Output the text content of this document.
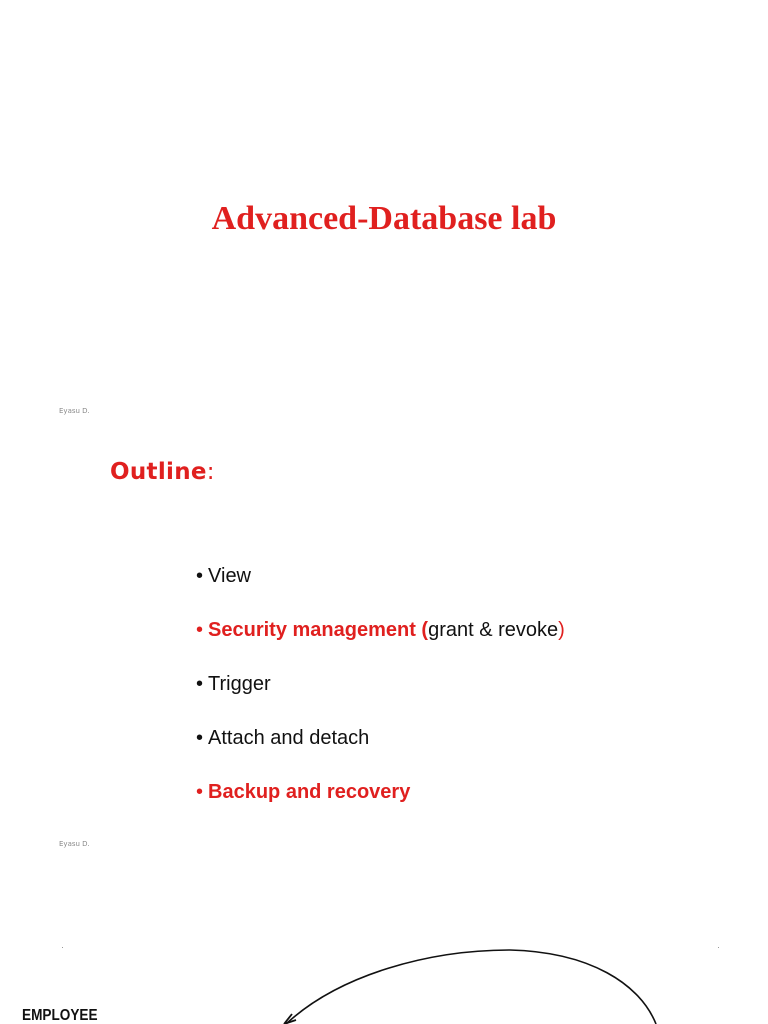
Advanced-Database lab
Eyasu D.
Outline:
• View
• Security management (grant & revoke)
• Trigger
• Attach and detach
• Backup and recovery
Eyasu D.
EMPLOYEE
